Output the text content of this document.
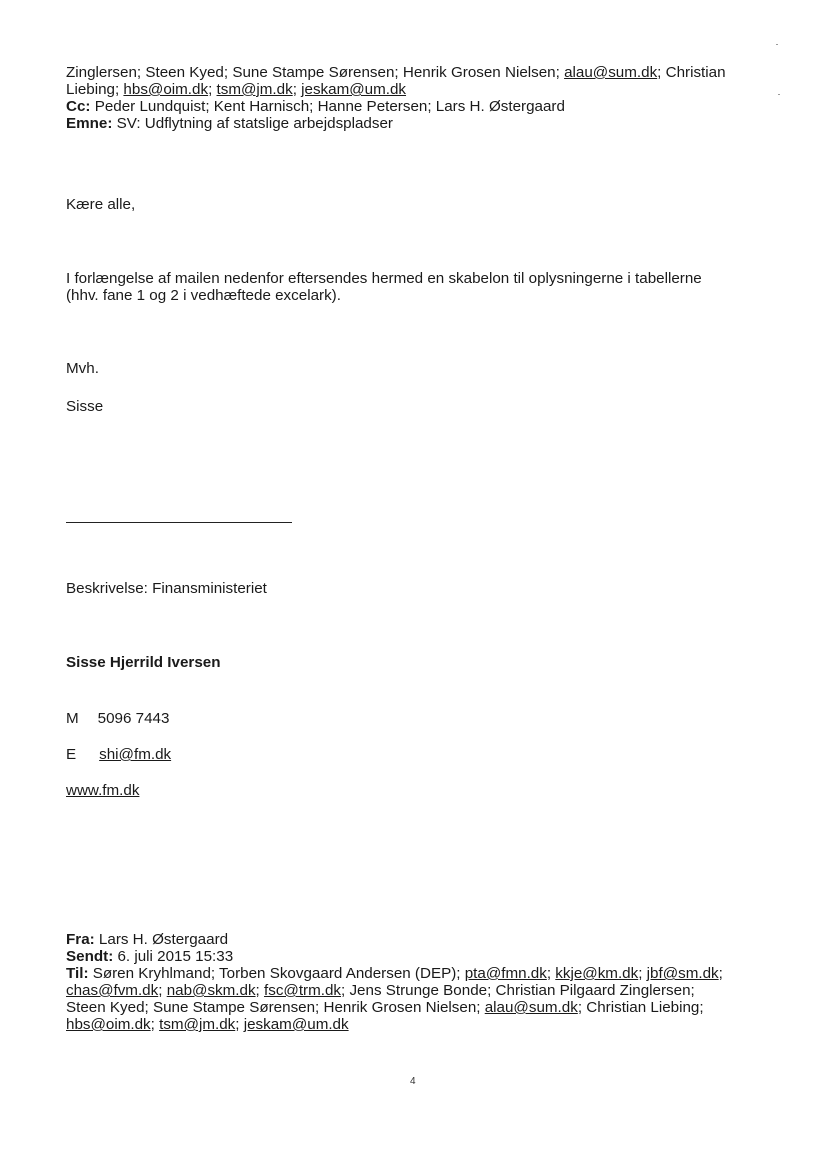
Zinglersen; Steen Kyed; Sune Stampe Sørensen; Henrik Grosen Nielsen; alau@sum.dk; Christian
Liebing; hbs@oim.dk; tsm@jm.dk; jeskam@um.dk
Cc: Peder Lundquist; Kent Harnisch; Hanne Petersen; Lars H. Østergaard
Emne: SV: Udflytning af statslige arbejdspladser
Kære alle,
I forlængelse af mailen nedenfor eftersendes hermed en skabelon til oplysningerne i tabellerne
(hhv. fane 1 og 2 i vedhæftede excelark).
Mvh.
Sisse
Beskrivelse: Finansministeriet
Sisse Hjerrild Iversen
M 5096 7443
E shi@fm.dk
www.fm.dk
Fra: Lars H. Østergaard
Sendt: 6. juli 2015 15:33
Til: Søren Kryhlmand; Torben Skovgaard Andersen (DEP); pta@fmn.dk; kkje@km.dk; jbf@sm.dk;
chas@fvm.dk; nab@skm.dk; fsc@trm.dk; Jens Strunge Bonde; Christian Pilgaard Zinglersen;
Steen Kyed; Sune Stampe Sørensen; Henrik Grosen Nielsen; alau@sum.dk; Christian Liebing;
hbs@oim.dk; tsm@jm.dk; jeskam@um.dk
4
